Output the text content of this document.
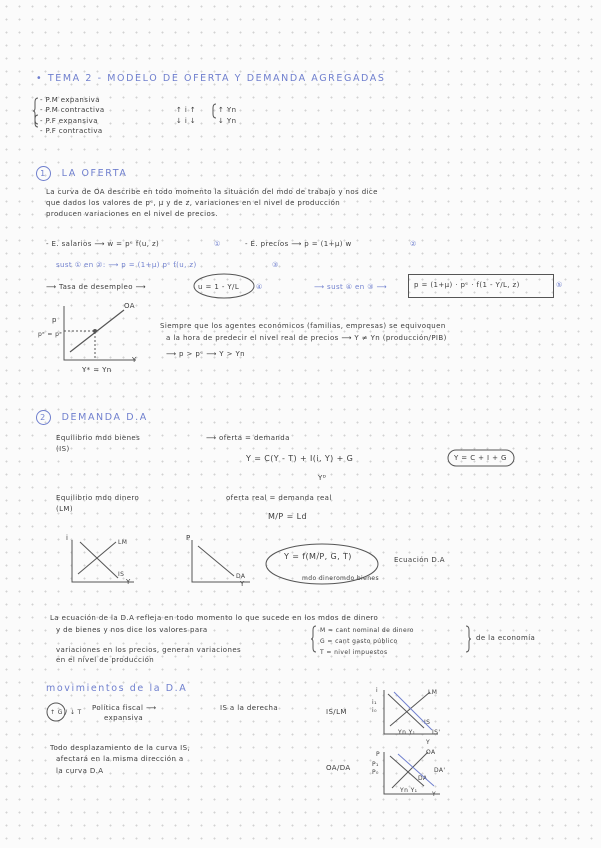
• TEMA 2 - MODELO DE OFERTA Y DEMANDA AGREGADAS
- P.M expansiva
- P.M contractiva
- P.F expansiva
- P.F contractiva
↑ i ↑
↓ i ↓
↑ Yn
↓ Yn
1 LA OFERTA
La curva de OA describe en todo momento la situación del mdo de trabajo y nos dice
que dados los valores de pᵉ, μ y de z, variaciones en el nivel de producción
producen variaciones en el nivel de precios.
- E. salarios ⟶ w = pᵉ f(u, z)	①	- E. precios ⟶ p = (1+μ) w	②
sust ① en ②: ⟶ p = (1+μ) pᵉ f(u, z)	③
⟶ Tasa de desempleo ⟶	u = 1 - Y/L ④	⟶ sust ④ en ③ ⟶	p = (1+μ) · pᵉ · f(1 - Y/L, z)	⑤
OA
p
pᵉ = pᵉ
Y
Y* = Yn
Siempre que los agentes económicos (familias, empresas) se equivoquen
a la hora de predecir el nivel real de precios ⟶ Y ≠ Yn (producción/PIB)
⟶ p > pᵉ ⟶ Y > Yn
2 DEMANDA D.A
Equilibrio mdo bienes
(IS)
⟶ oferta = demanda
Y = C(Y - T) + I(i, Y) + G	Y = C + I + G
Yᴰ
Equilibrio mdo dinero
(LM)
oferta real = demanda real
M/P = Ld
i
LM
IS
Y
P
DA
Y
Y = f(M/P, G, T)
mdo dinero mdo bienes
Ecuación D.A
La ecuación de la D.A refleja en todo momento lo que sucede en los mdos de dinero
y de bienes y nos dice los valores para
variaciones en los precios, generan variaciones
en el nivel de producción
M = cant nominal de dinero
G = cant gasto público
T = nivel impuestos
de la economía
movimientos de la D.A
↑ G / ↓ T
Política fiscal ⟶
expansiva
IS a la derecha	IS/LM
Todo desplazamiento de la curva IS,
afectará en la misma dirección a
la curva D.A	OA/DA
LM
IS
IS'
i
i₁
i₀
Y
Yn Y₁
OA
DA
DA'
P
P₁
P₀
Y
Yn Y₁
